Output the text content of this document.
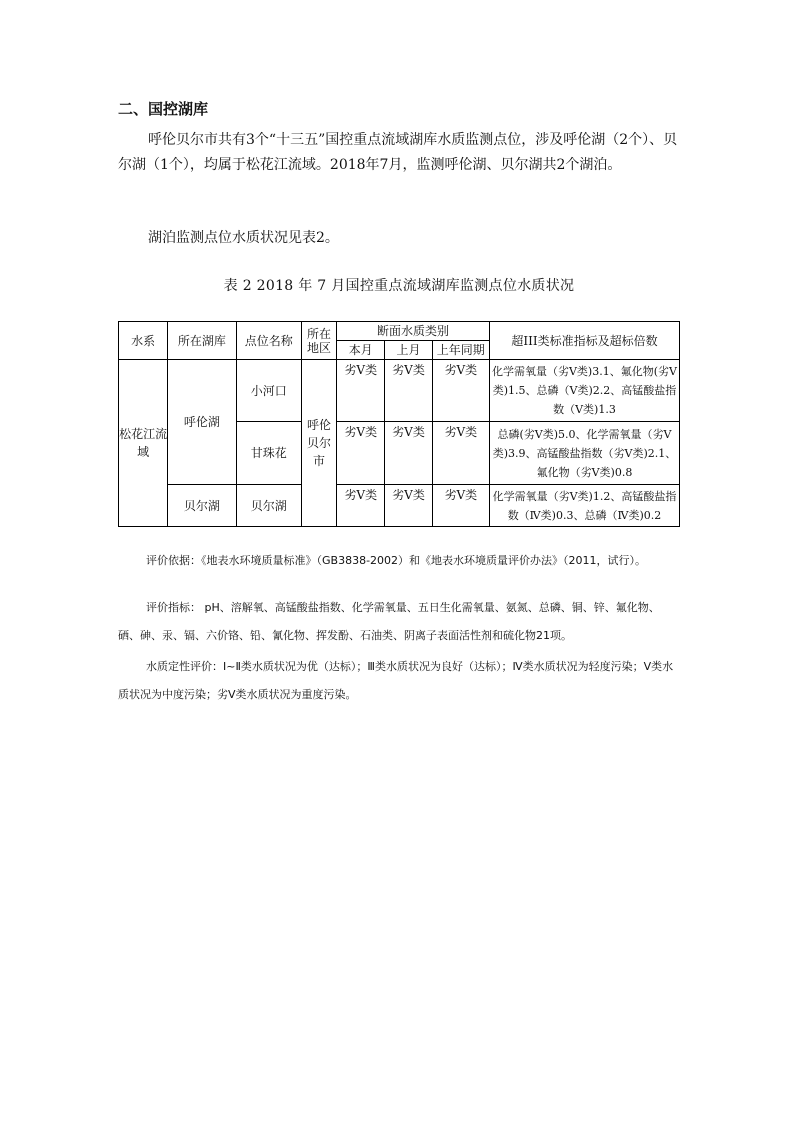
二、国控湖库
呼伦贝尔市共有3个“十三五”国控重点流域湖库水质监测点位，涉及呼伦湖（2个）、贝尔湖（1个），均属于松花江流域。2018年7月，监测呼伦湖、贝尔湖共2个湖泊。
湖泊监测点位水质状况见表2。
表 2 2018 年 7 月国控重点流域湖库监测点位水质状况
水系	所在湖库	点位名称	所在地区	断面水质类别			超III类标准指标及超标倍数
				本月	上月	上年同期	
松花江流域	呼伦湖	小河口	呼伦贝尔市	劣Ⅴ类	劣Ⅴ类	劣Ⅴ类	化学需氧量（劣Ⅴ类)3.1、氟化物(劣Ⅴ类)1.5、总磷（Ⅴ类)2.2、高锰酸盐指数（Ⅴ类)1.3
		甘珠花		劣Ⅴ类	劣Ⅴ类	劣Ⅴ类	总磷(劣Ⅴ类)5.0、化学需氧量（劣Ⅴ类)3.9、高锰酸盐指数（劣Ⅴ类)2.1、氟化物（劣Ⅴ类)0.8
	贝尔湖	贝尔湖		劣Ⅴ类	劣Ⅴ类	劣Ⅴ类	化学需氧量（劣Ⅴ类)1.2、高锰酸盐指数（Ⅳ类)0.3、总磷（Ⅳ类)0.2
评价依据：《地表水环境质量标准》（GB3838-2002）和《地表水环境质量评价办法》（2011，试行）。
评价指标： pH、溶解氧、高锰酸盐指数、化学需氧量、五日生化需氧量、氨氮、总磷、铜、锌、氟化物、硒、砷、汞、镉、六价铬、铅、氰化物、挥发酚、石油类、阴离子表面活性剂和硫化物21项。
水质定性评价：Ⅰ~Ⅱ类水质状况为优（达标）；Ⅲ类水质状况为良好（达标）；Ⅳ类水质状况为轻度污染；Ⅴ类水质状况为中度污染；劣Ⅴ类水质状况为重度污染。
